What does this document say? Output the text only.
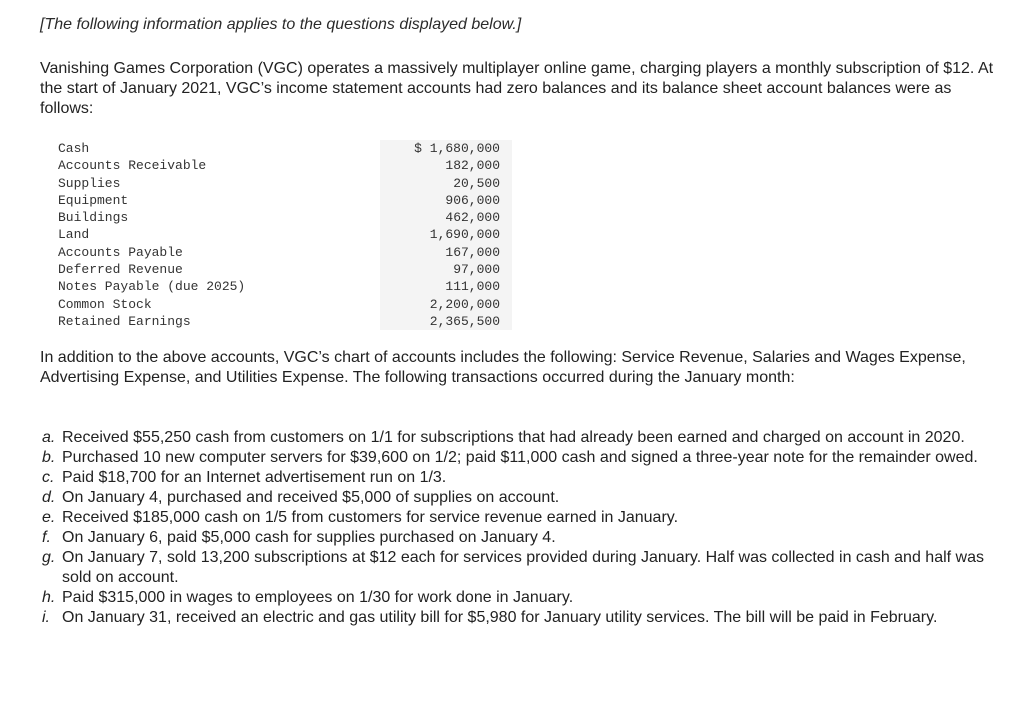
[The following information applies to the questions displayed below.]

Vanishing Games Corporation (VGC) operates a massively multiplayer online game, charging players a monthly subscription of $12. At the start of January 2021, VGC’s income statement accounts had zero balances and its balance sheet account balances were as follows:

Cash	$ 1,680,000
Accounts Receivable	182,000
Supplies	20,500
Equipment	906,000
Buildings	462,000
Land	1,690,000
Accounts Payable	167,000
Deferred Revenue	97,000
Notes Payable (due 2025)	111,000
Common Stock	2,200,000
Retained Earnings	2,365,500

In addition to the above accounts, VGC’s chart of accounts includes the following: Service Revenue, Salaries and Wages Expense, Advertising Expense, and Utilities Expense. The following transactions occurred during the January month:

a. Received $55,250 cash from customers on 1/1 for subscriptions that had already been earned and charged on account in 2020.
b. Purchased 10 new computer servers for $39,600 on 1/2; paid $11,000 cash and signed a three-year note for the remainder owed.
c. Paid $18,700 for an Internet advertisement run on 1/3.
d. On January 4, purchased and received $5,000 of supplies on account.
e. Received $185,000 cash on 1/5 from customers for service revenue earned in January.
f. On January 6, paid $5,000 cash for supplies purchased on January 4.
g. On January 7, sold 13,200 subscriptions at $12 each for services provided during January. Half was collected in cash and half was sold on account.
h. Paid $315,000 in wages to employees on 1/30 for work done in January.
i. On January 31, received an electric and gas utility bill for $5,980 for January utility services. The bill will be paid in February.
